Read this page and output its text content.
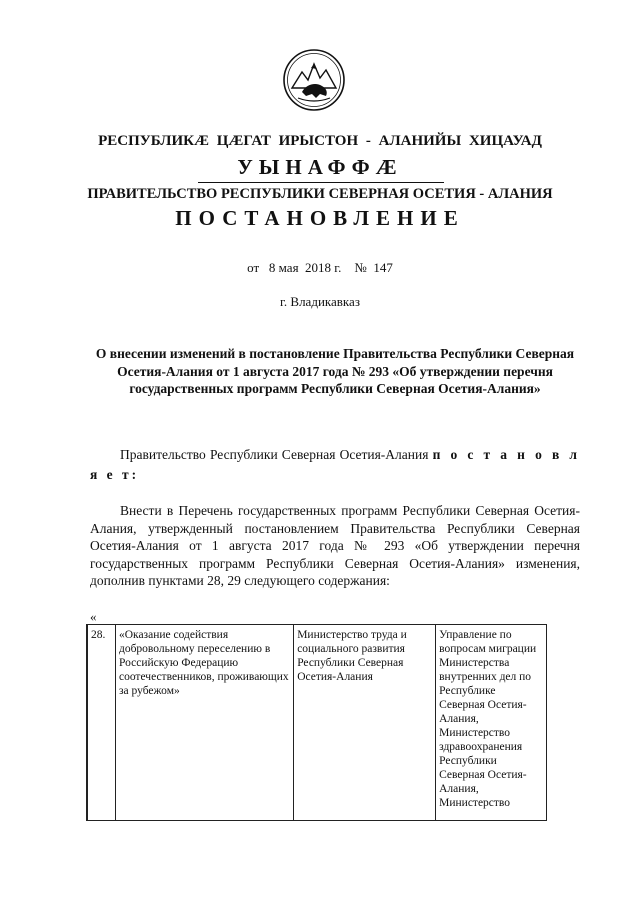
РЕСПУБЛИКÆ ЦÆГАТ ИРЫСТОН - АЛАНИЙЫ ХИЦАУАД
УЫНАФФÆ
ПРАВИТЕЛЬСТВО РЕСПУБЛИКИ СЕВЕРНАЯ ОСЕТИЯ - АЛАНИЯ
ПОСТАНОВЛЕНИЕ
от   8 мая  2018 г.    №  147
г. Владикавказ
О внесении изменений в постановление Правительства Республики Северная Осетия-Алания от 1 августа 2017 года № 293 «Об утверждении перечня государственных программ Республики Северная Осетия-Алания»
Правительство Республики Северная Осетия-Алания п о с т а н о в л я е т:
Внести в Перечень государственных программ Республики Северная Осетия-Алания, утвержденный постановлением Правительства Республики Северная Осетия-Алания от 1 августа 2017 года № 293 «Об утверждении перечня государственных программ Республики Северная Осетия-Алания» изменения, дополнив пунктами 28, 29 следующего содержания:
«
28.	«Оказание содействия добровольному переселению в Российскую Федерацию соотечественников, проживающих за рубежом»	Министерство труда и социального развития Республики Северная Осетия-Алания	Управление по вопросам миграции Министерства внутренних дел по Республике Северная Осетия-Алания, Министерство здравоохранения Республики Северная Осетия-Алания, Министерство
